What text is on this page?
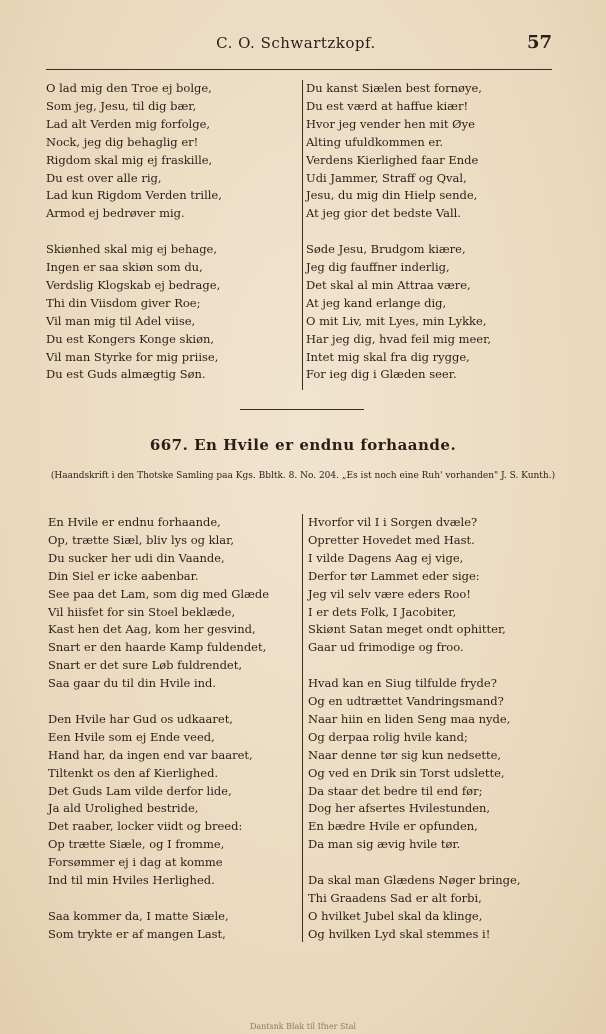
C. O. Schwartzkopf.	57
O lad mig den Troe ej bolge,
Som jeg, Jesu, til dig bær,
Lad alt Verden mig forfolge,
Nock, jeg dig behaglig er!
Rigdom skal mig ej fraskille,
Du est over alle rig,
Lad kun Rigdom Verden trille,
Armod ej bedrøver mig.
Skiønhed skal mig ej behage,
Ingen er saa skiøn som du,
Verdslig Klogskab ej bedrage,
Thi din Viisdom giver Roe;
Vil man mig til Adel viise,
Du est Kongers Konge skiøn,
Vil man Styrke for mig priise,
Du est Guds almægtig Søn.
Du kanst Siælen best fornøye,
Du est værd at haffue kiær!
Hvor jeg vender hen mit Øye
Alting ufuldkommen er.
Verdens Kierlighed faar Ende
Udi Jammer, Straff og Qval,
Jesu, du mig din Hielp sende,
At jeg gior det bedste Vall.
Søde Jesu, Brudgom kiære,
Jeg dig fauffner inderlig,
Det skal al min Attraa være,
At jeg kand erlange dig,
O mit Liv, mit Lyes, min Lykke,
Har jeg dig, hvad feil mig meer,
Intet mig skal fra dig rygge,
For ieg dig i Glæden seer.
667. En Hvile er endnu forhaande.
(Haandskrift i den Thotske Samling paa Kgs. Bbltk. 8. No. 204. „Es ist noch eine Ruh' vorhanden" J. S. Kunth.)
En Hvile er endnu forhaande,
Op, trætte Siæl, bliv lys og klar,
Du sucker her udi din Vaande,
Din Siel er icke aabenbar.
See paa det Lam, som dig med Glæde
Vil hiisfet for sin Stoel beklæde,
Kast hen det Aag, kom her gesvind,
Snart er den haarde Kamp fuldendet,
Snart er det sure Løb fuldrendet,
Saa gaar du til din Hvile ind.
Den Hvile har Gud os udkaaret,
Een Hvile som ej Ende veed,
Hand har, da ingen end var baaret,
Tiltenkt os den af Kierlighed.
Det Guds Lam vilde derfor lide,
Ja ald Urolighed bestride,
Det raaber, locker viidt og breed:
Op trætte Siæle, og I fromme,
Forsømmer ej i dag at komme
Ind til min Hviles Herlighed.
Saa kommer da, I matte Siæle,
Som trykte er af mangen Last,
Hvorfor vil I i Sorgen dvæle?
Opretter Hovedet med Hast.
I vilde Dagens Aag ej vige,
Derfor tør Lammet eder sige:
Jeg vil selv være eders Roo!
I er dets Folk, I Jacobiter,
Skiønt Satan meget ondt ophitter,
Gaar ud frimodige og froo.
Hvad kan en Siug tilfulde frydе?
Og en udtrættet Vandringsmand?
Naar hiin en liden Seng maa nyde,
Og derpaa rolig hvile kand;
Naar denne tør sig kun nedsette,
Og ved en Drik sin Torst udslette,
Da staar det bedre til end før;
Dog her afsertes Hvilestunden,
En bædre Hvile er opfunden,
Da man sig ævig hvile tør.
Da skal man Glædens Nøger bringe,
Thi Graadens Sad er alt forbi,
O hvilket Jubel skal da klinge,
Og hvilken Lyd skal stemmes i!
Dantsnk Blak til Ifner Stal
